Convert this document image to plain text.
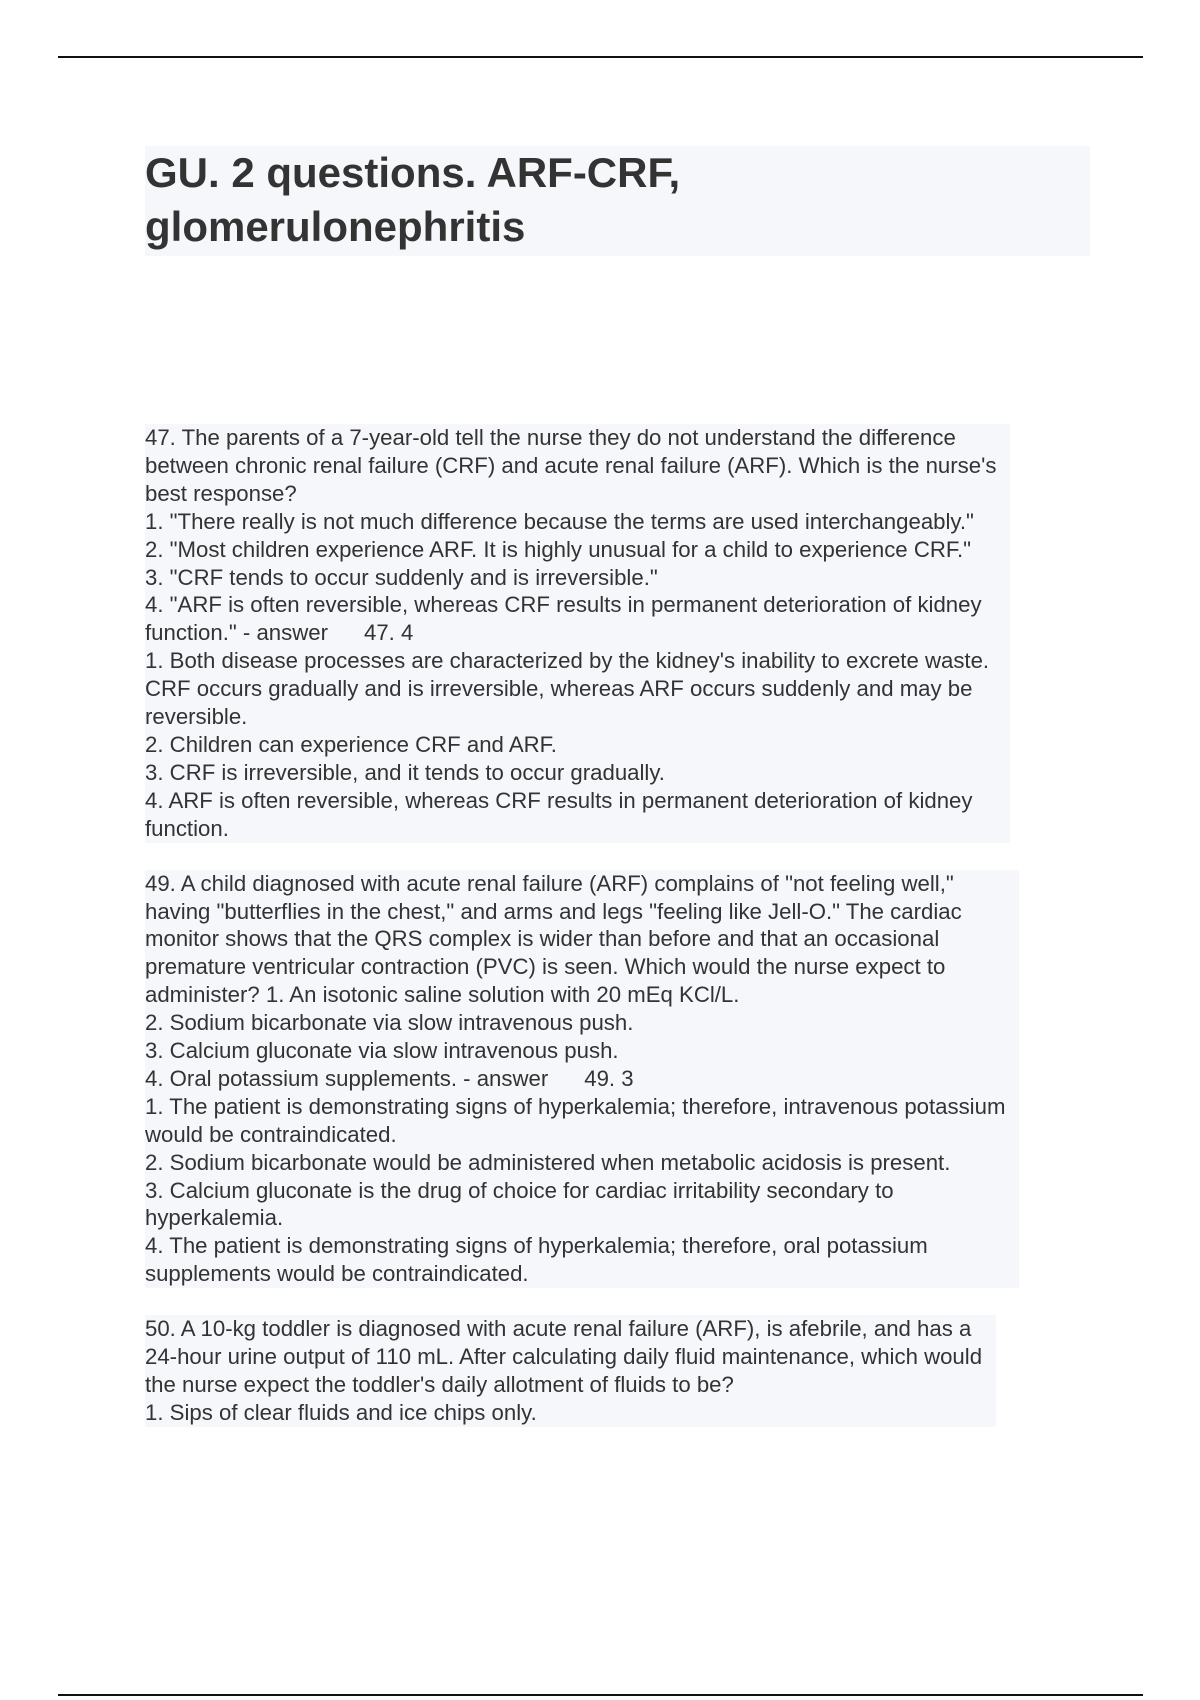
GU. 2 questions. ARF-CRF,
glomerulonephritis
47. The parents of a 7-year-old tell the nurse they do not understand the difference
between chronic renal failure (CRF) and acute renal failure (ARF). Which is the nurse's
best response?
1. "There really is not much difference because the terms are used interchangeably."
2. "Most children experience ARF. It is highly unusual for a child to experience CRF."
3. "CRF tends to occur suddenly and is irreversible."
4. "ARF is often reversible, whereas CRF results in permanent deterioration of kidney
function." - answer 47. 4
1. Both disease processes are characterized by the kidney's inability to excrete waste.
CRF occurs gradually and is irreversible, whereas ARF occurs suddenly and may be
reversible.
2. Children can experience CRF and ARF.
3. CRF is irreversible, and it tends to occur gradually.
4. ARF is often reversible, whereas CRF results in permanent deterioration of kidney
function.

49. A child diagnosed with acute renal failure (ARF) complains of "not feeling well,"
having "butterflies in the chest," and arms and legs "feeling like Jell-O." The cardiac
monitor shows that the QRS complex is wider than before and that an occasional
premature ventricular contraction (PVC) is seen. Which would the nurse expect to
administer? 1. An isotonic saline solution with 20 mEq KCl/L.
2. Sodium bicarbonate via slow intravenous push.
3. Calcium gluconate via slow intravenous push.
4. Oral potassium supplements. - answer 49. 3
1. The patient is demonstrating signs of hyperkalemia; therefore, intravenous potassium
would be contraindicated.
2. Sodium bicarbonate would be administered when metabolic acidosis is present.
3. Calcium gluconate is the drug of choice for cardiac irritability secondary to
hyperkalemia.
4. The patient is demonstrating signs of hyperkalemia; therefore, oral potassium
supplements would be contraindicated.

50. A 10-kg toddler is diagnosed with acute renal failure (ARF), is afebrile, and has a
24-hour urine output of 110 mL. After calculating daily fluid maintenance, which would
the nurse expect the toddler's daily allotment of fluids to be?
1. Sips of clear fluids and ice chips only.
